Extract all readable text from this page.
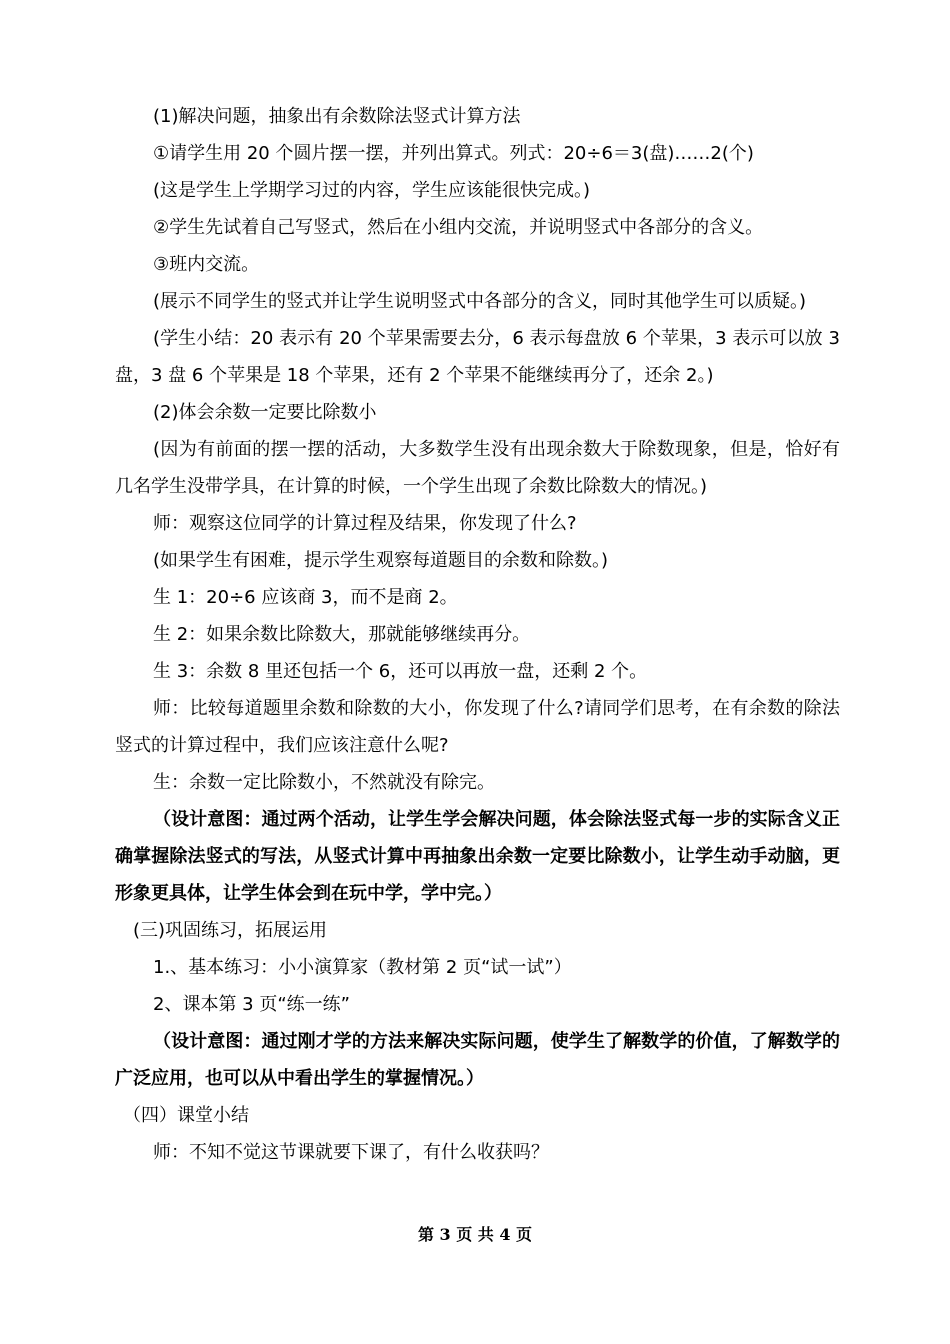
(1)解决问题，抽象出有余数除法竖式计算方法

①请学生用 20 个圆片摆一摆，并列出算式。列式：20÷6＝3(盘)……2(个)

(这是学生上学期学习过的内容，学生应该能很快完成。)

②学生先试着自己写竖式，然后在小组内交流，并说明竖式中各部分的含义。

③班内交流。

(展示不同学生的竖式并让学生说明竖式中各部分的含义，同时其他学生可以质疑。)

(学生小结：20 表示有 20 个苹果需要去分，6 表示每盘放 6 个苹果，3 表示可以放 3 盘，3 盘 6 个苹果是 18 个苹果，还有 2 个苹果不能继续再分了，还余 2。)

(2)体会余数一定要比除数小

(因为有前面的摆一摆的活动，大多数学生没有出现余数大于除数现象，但是，恰好有几名学生没带学具，在计算的时候，一个学生出现了余数比除数大的情况。)

师：观察这位同学的计算过程及结果，你发现了什么?

(如果学生有困难，提示学生观察每道题目的余数和除数。)

生 1：20÷6 应该商 3，而不是商 2。

生 2：如果余数比除数大，那就能够继续再分。

生 3：余数 8 里还包括一个 6，还可以再放一盘，还剩 2 个。

师：比较每道题里余数和除数的大小，你发现了什么?请同学们思考，在有余数的除法竖式的计算过程中，我们应该注意什么呢?

生：余数一定比除数小，不然就没有除完。

（设计意图：通过两个活动，让学生学会解决问题，体会除法竖式每一步的实际含义正确掌握除法竖式的写法，从竖式计算中再抽象出余数一定要比除数小，让学生动手动脑，更形象更具体，让学生体会到在玩中学，学中完。）

(三)巩固练习，拓展运用

1.、基本练习：小小演算家（教材第 2 页“试一试”）

2、课本第 3 页“练一练”

（设计意图：通过刚才学的方法来解决实际问题，使学生了解数学的价值，了解数学的广泛应用，也可以从中看出学生的掌握情况。）

（四）课堂小结

师：不知不觉这节课就要下课了，有什么收获吗？

第 3 页 共 4 页
